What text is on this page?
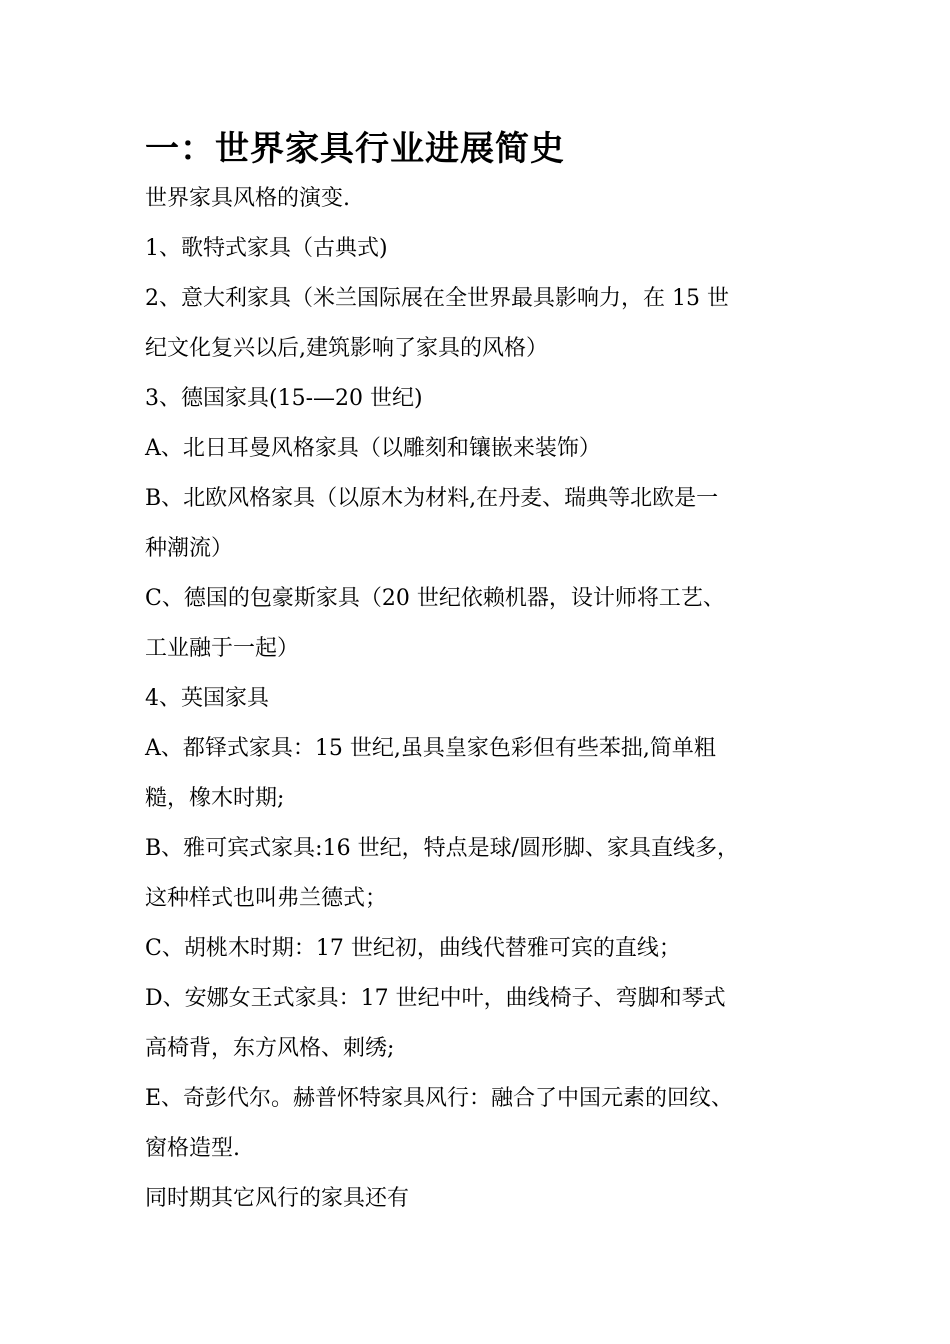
一：世界家具行业进展简史

世界家具风格的演变.

1、歌特式家具（古典式)

2、意大利家具（米兰国际展在全世界最具影响力，在 15 世

纪文化复兴以后,建筑影响了家具的风格）

3、德国家具(15-—20 世纪)

A、北日耳曼风格家具（以雕刻和镶嵌来装饰）

B、北欧风格家具（以原木为材料,在丹麦、瑞典等北欧是一

种潮流）

C、德国的包豪斯家具（20 世纪依赖机器，设计师将工艺、

工业融于一起）

4、英国家具

A、都铎式家具：15 世纪,虽具皇家色彩但有些苯拙,简单粗

糙，橡木时期;

B、雅可宾式家具:16 世纪，特点是球/圆形脚、家具直线多，

这种样式也叫弗兰德式；

C、胡桃木时期：17 世纪初，曲线代替雅可宾的直线；

D、安娜女王式家具：17 世纪中叶，曲线椅子、弯脚和琴式

高椅背，东方风格、刺绣;

E、奇彭代尔。赫普怀特家具风行：融合了中国元素的回纹、

窗格造型.

同时期其它风行的家具还有
